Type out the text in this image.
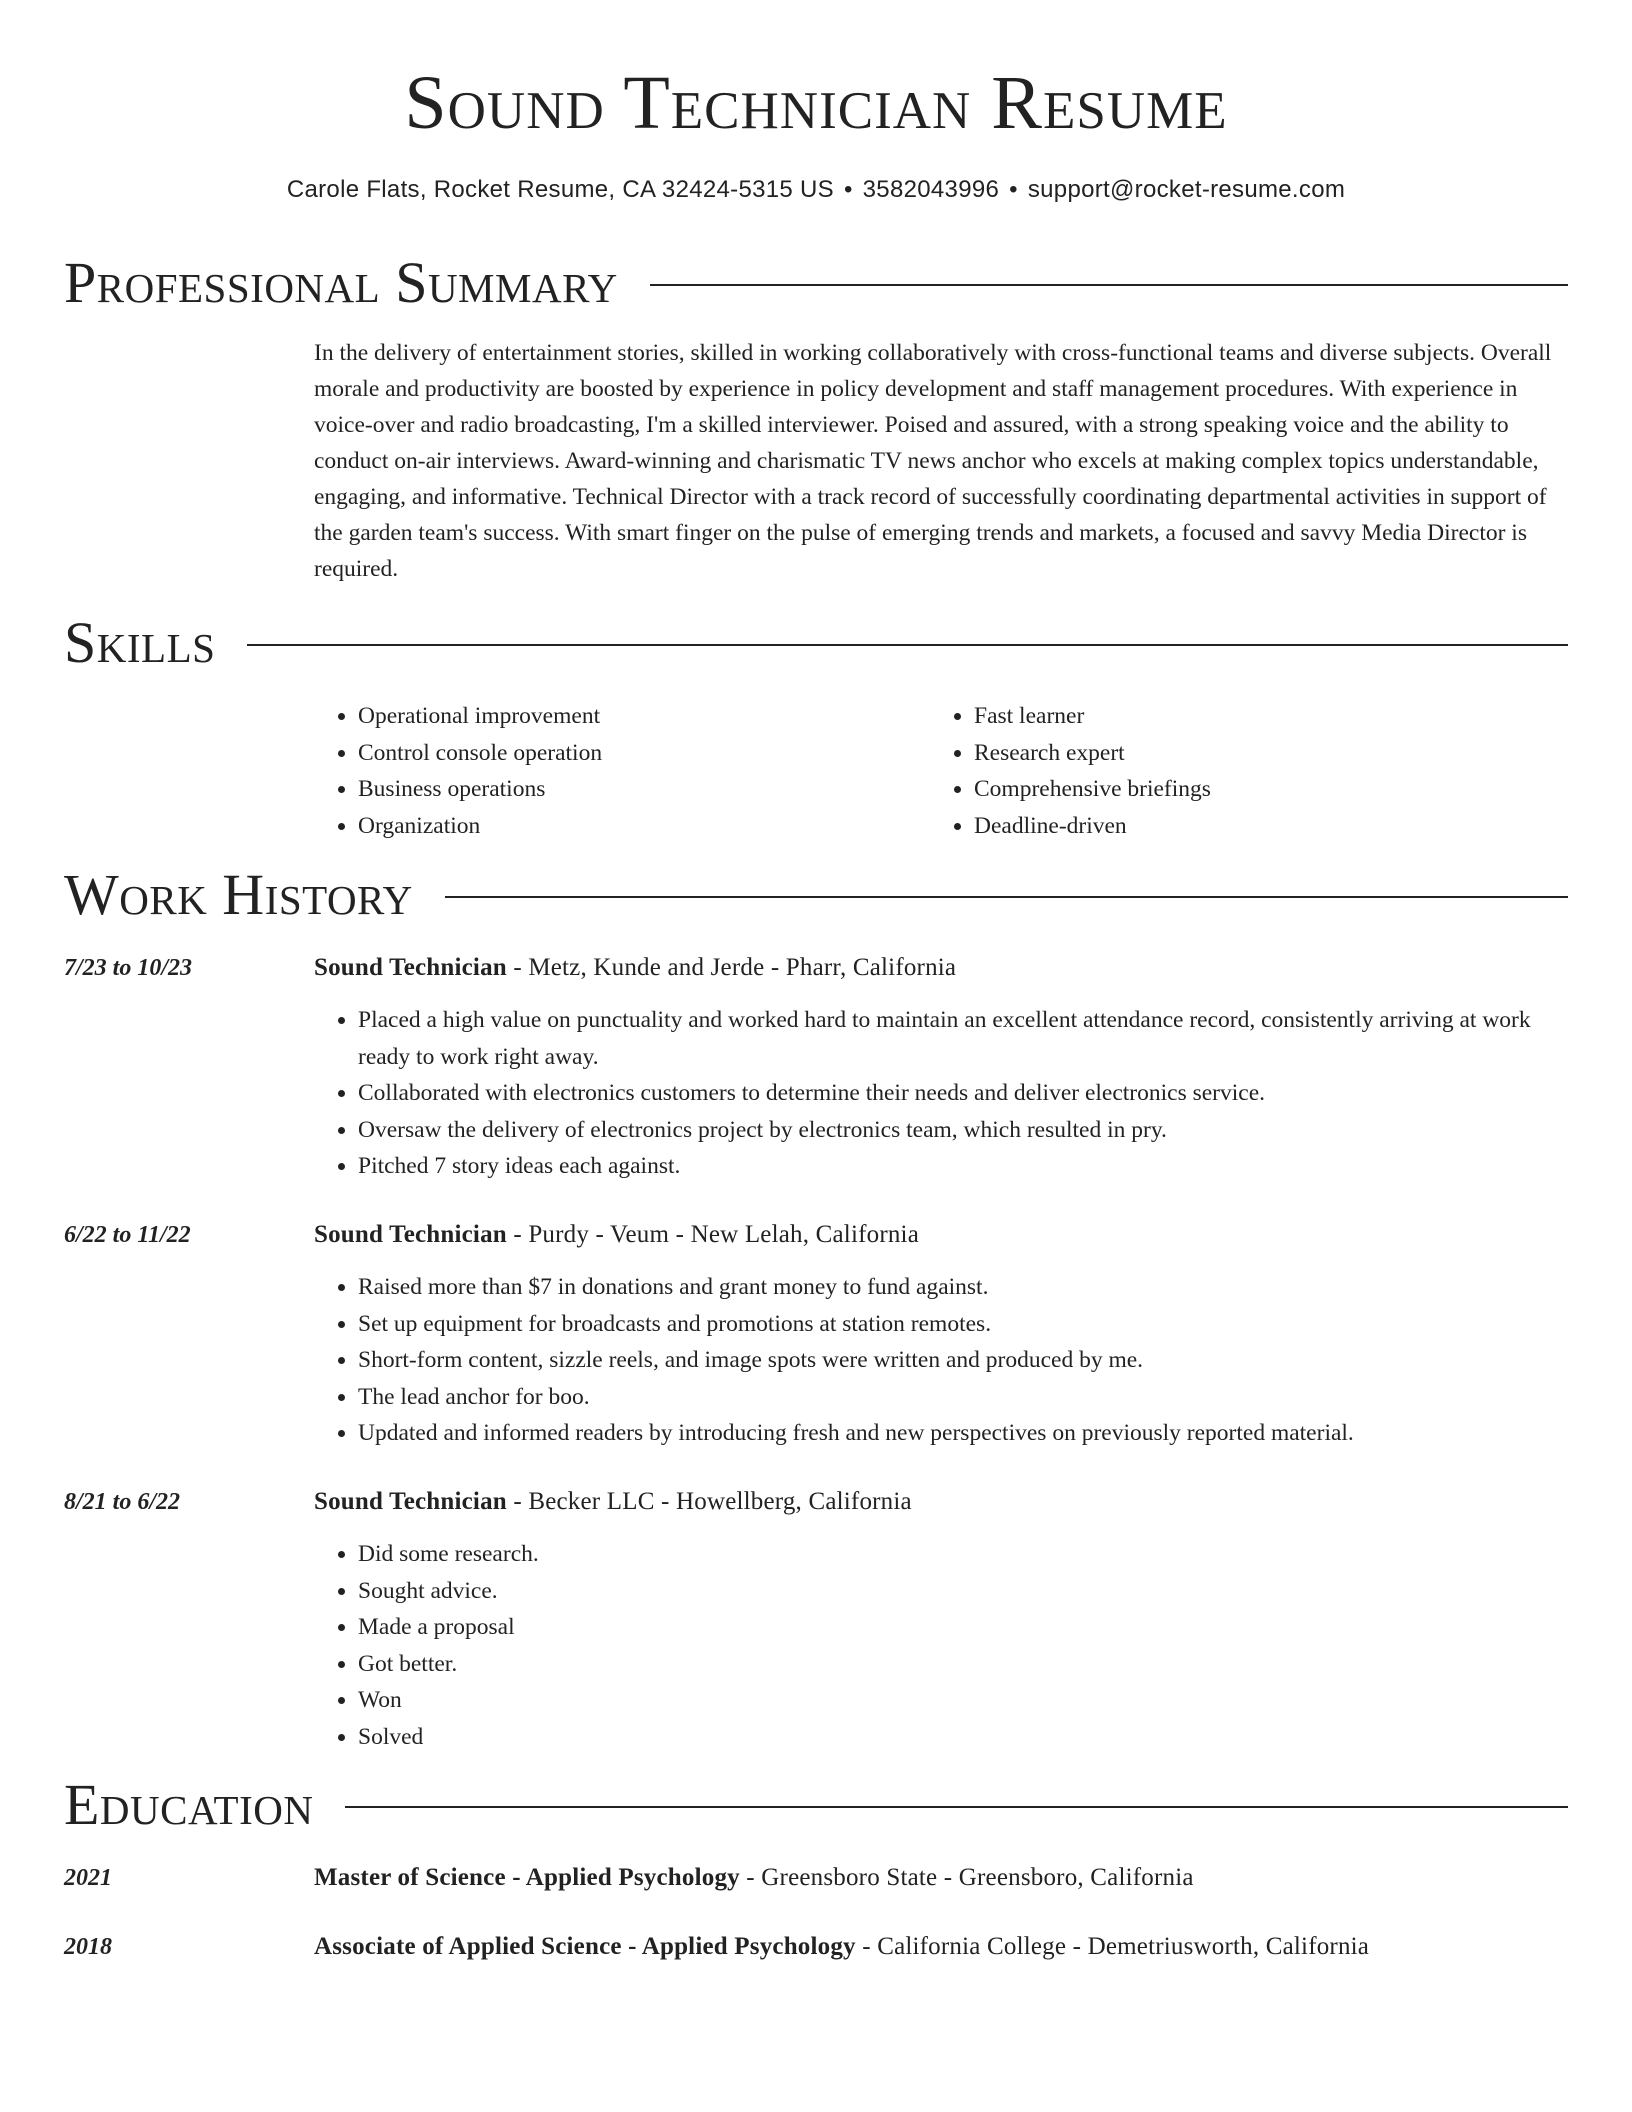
Sound Technician Resume
Carole Flats, Rocket Resume, CA 32424-5315 US • 3582043996 • support@rocket-resume.com
Professional Summary

In the delivery of entertainment stories, skilled in working collaboratively with cross-functional teams and diverse subjects. Overall morale and productivity are boosted by experience in policy development and staff management procedures. With experience in voice-over and radio broadcasting, I'm a skilled interviewer. Poised and assured, with a strong speaking voice and the ability to conduct on-air interviews. Award-winning and charismatic TV news anchor who excels at making complex topics understandable, engaging, and informative. Technical Director with a track record of successfully coordinating departmental activities in support of the garden team's success. With smart finger on the pulse of emerging trends and markets, a focused and savvy Media Director is required.

Skills
• Operational improvement
• Control console operation
• Business operations
• Organization
• Fast learner
• Research expert
• Comprehensive briefings
• Deadline-driven
Work History
7/23 to 10/23	Sound Technician - Metz, Kunde and Jerde - Pharr, California
• Placed a high value on punctuality and worked hard to maintain an excellent attendance record, consistently arriving at work ready to work right away.
• Collaborated with electronics customers to determine their needs and deliver electronics service.
• Oversaw the delivery of electronics project by electronics team, which resulted in pry.
• Pitched 7 story ideas each against.
6/22 to 11/22	Sound Technician - Purdy - Veum - New Lelah, California
• Raised more than $7 in donations and grant money to fund against.
• Set up equipment for broadcasts and promotions at station remotes.
• Short-form content, sizzle reels, and image spots were written and produced by me.
• The lead anchor for boo.
• Updated and informed readers by introducing fresh and new perspectives on previously reported material.
8/21 to 6/22	Sound Technician - Becker LLC - Howellberg, California
• Did some research.
• Sought advice.
• Made a proposal
• Got better.
• Won
• Solved
Education
2021	Master of Science - Applied Psychology - Greensboro State - Greensboro, California
2018	Associate of Applied Science - Applied Psychology - California College - Demetriusworth, California
